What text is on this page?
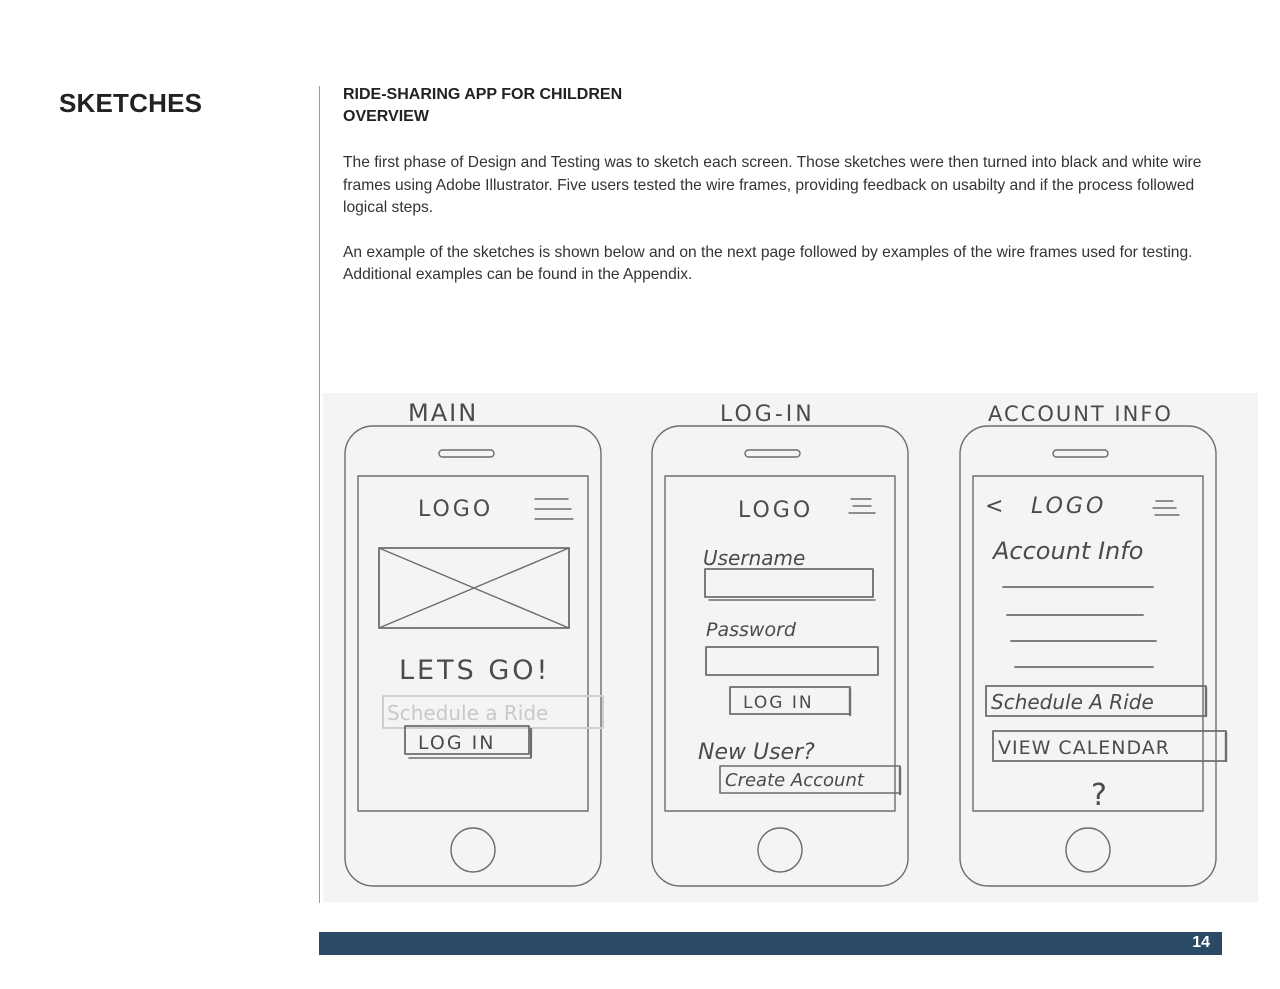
SKETCHES	RIDE-SHARING APP FOR CHILDREN
OVERVIEW

The first phase of Design and Testing was to sketch each screen. Those sketches were then turned into black and white wire frames using Adobe Illustrator. Five users tested the wire frames, providing feedback on usabilty and if the process followed logical steps.

An example of the sketches is shown below and on the next page followed by examples of the wire frames used for testing. Additional examples can be found in the Appendix.

MAIN
LOGO
LETS GO!
Schedule a Ride
LOG IN
LOG-IN
LOGO
Username
Password
LOG IN
New User?
Create Account
ACCOUNT INFO
< LOGO
Account Info
Schedule A Ride
VIEW CALENDAR
?
14
